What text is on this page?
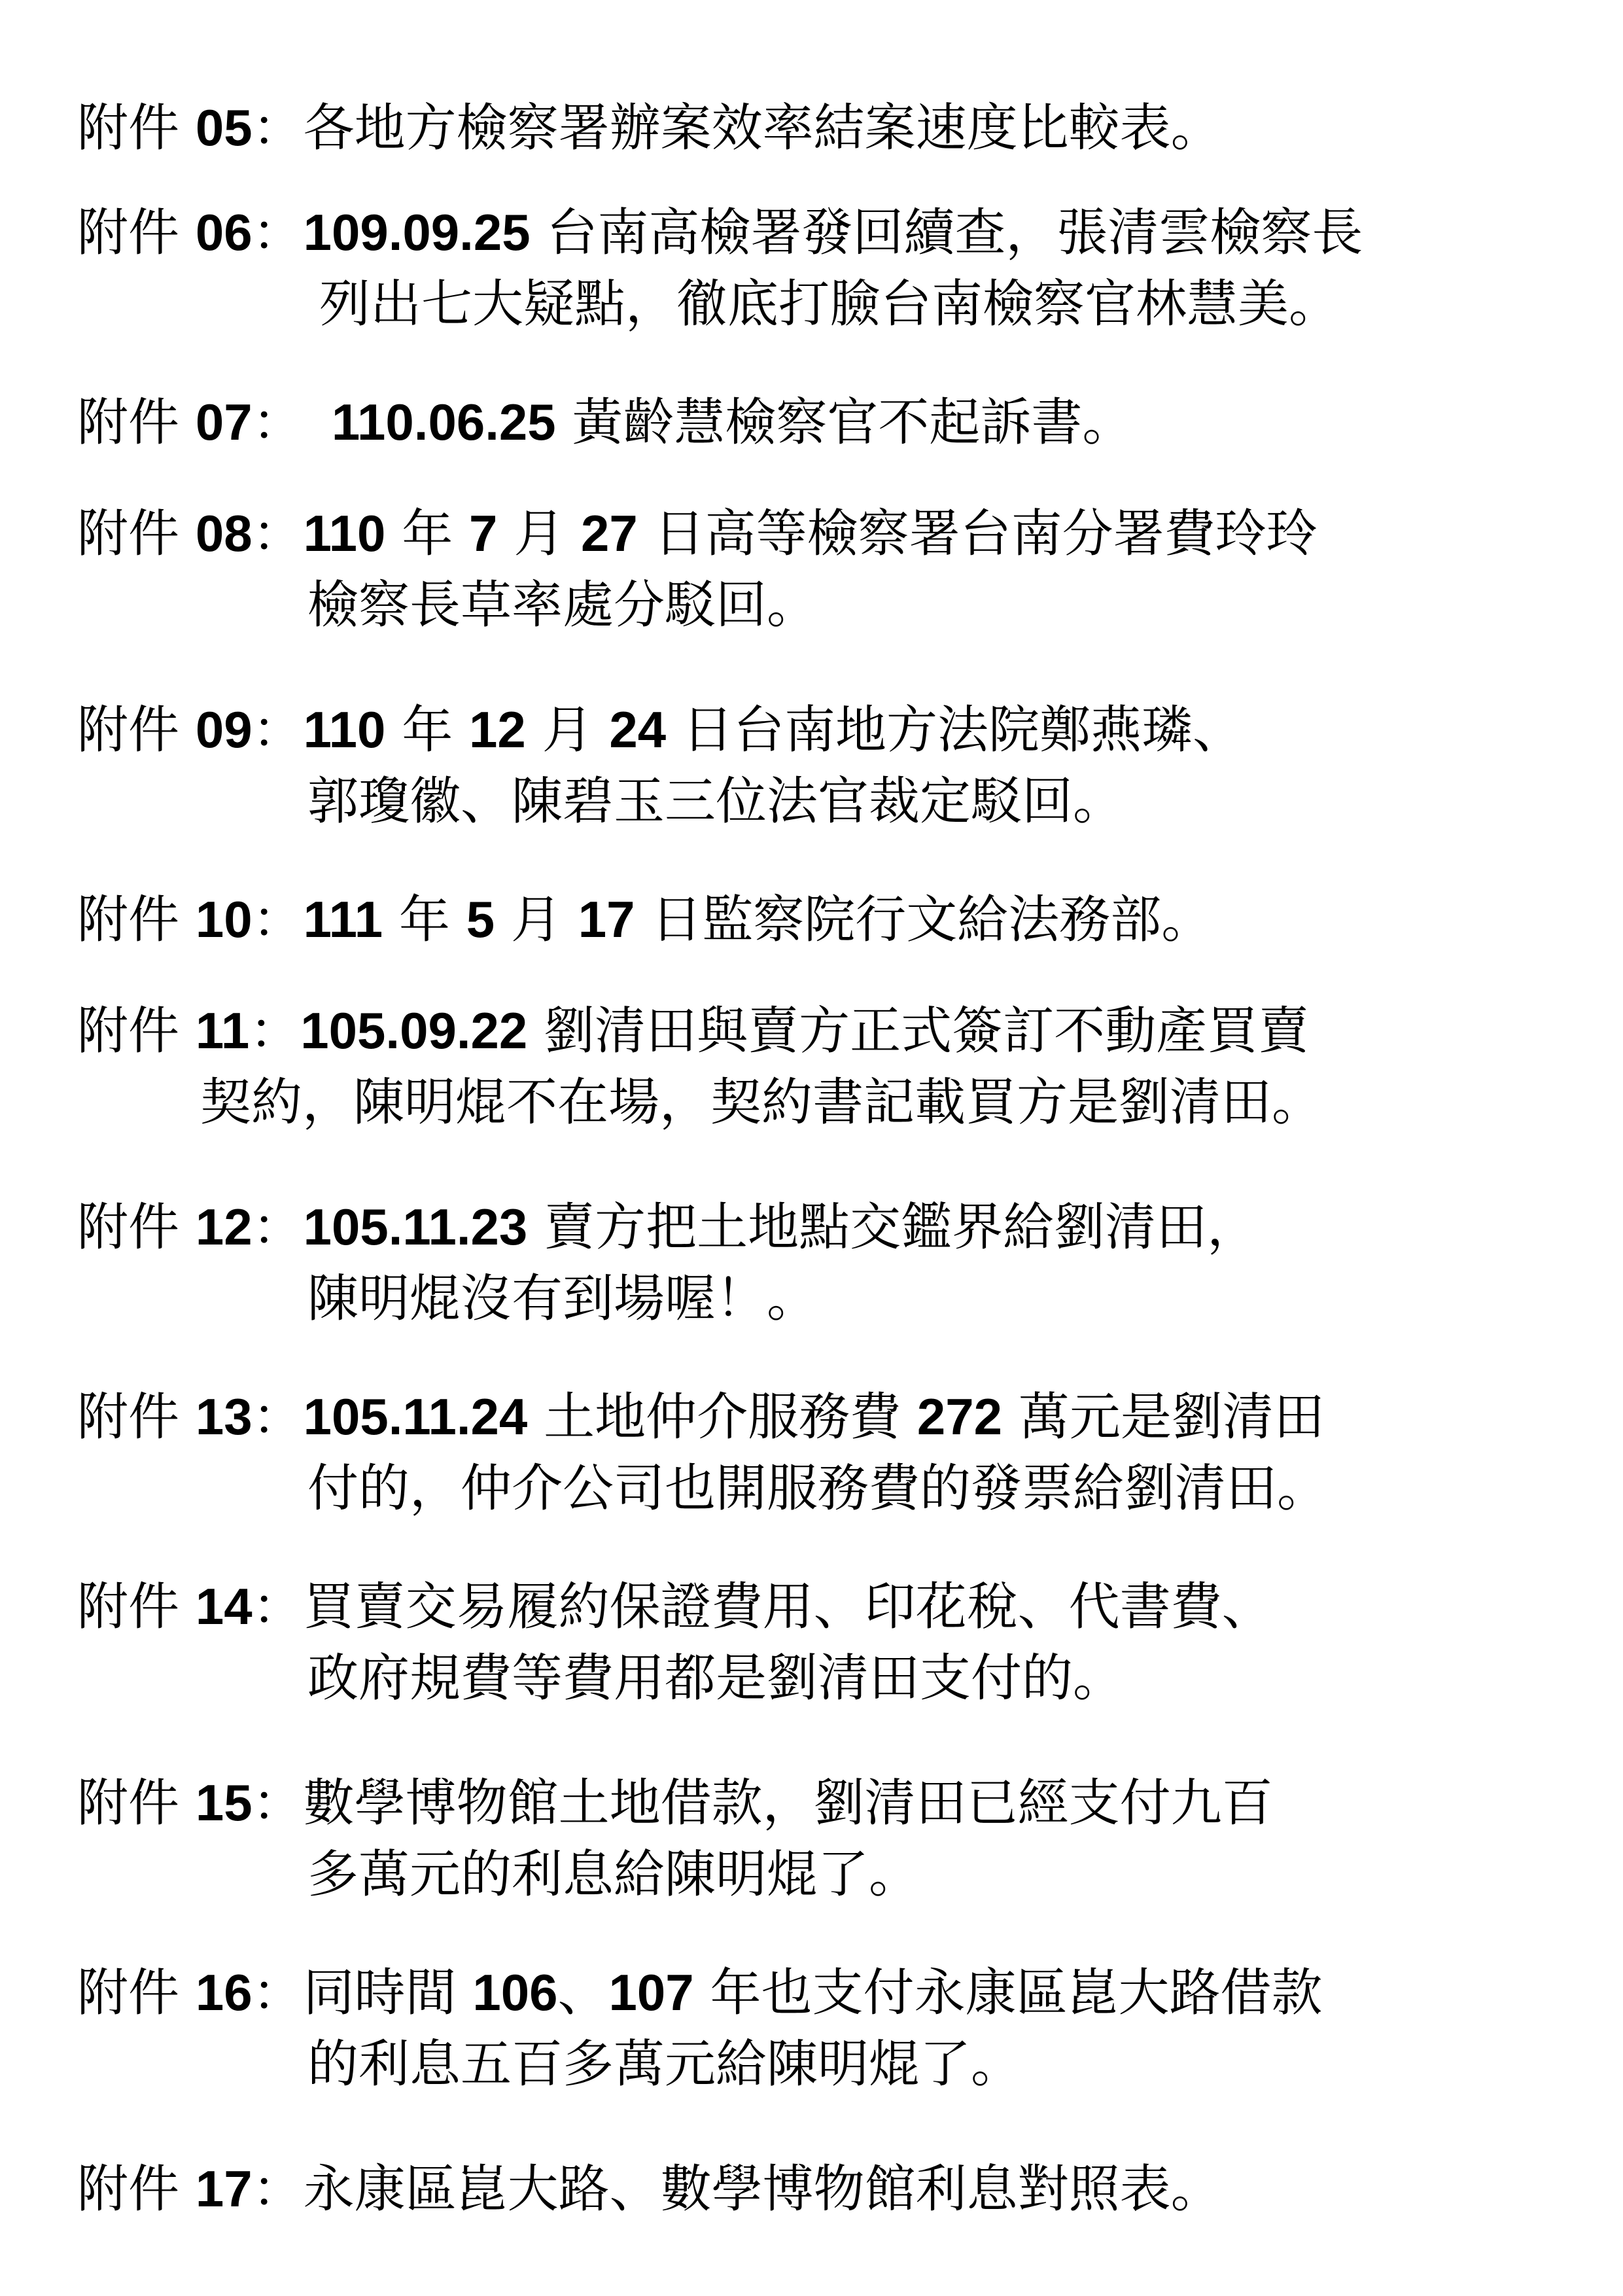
附件 05：各地方檢察署辦案效率結案速度比較表。
附件 06：109.09.25 台南高檢署發回續查，張清雲檢察長
列出七大疑點，徹底打臉台南檢察官林慧美。
附件 07：  110.06.25 黃齡慧檢察官不起訴書。
附件 08：110 年 7 月 27 日高等檢察署台南分署費玲玲
檢察長草率處分駁回。
附件 09：110 年 12 月 24 日台南地方法院鄭燕璘、
郭瓊徽、陳碧玉三位法官裁定駁回。
附件 10：111 年 5 月 17 日監察院行文給法務部。
附件 11：105.09.22 劉清田與賣方正式簽訂不動產買賣
契約，陳明焜不在場，契約書記載買方是劉清田。
附件 12：105.11.23 賣方把土地點交鑑界給劉清田，
陳明焜沒有到場喔！。
附件 13：105.11.24 土地仲介服務費 272 萬元是劉清田
付的，仲介公司也開服務費的發票給劉清田。
附件 14：買賣交易履約保證費用、印花稅、代書費、
政府規費等費用都是劉清田支付的。
附件 15：數學博物館土地借款，劉清田已經支付九百
多萬元的利息給陳明焜了。
附件 16：同時間 106、107 年也支付永康區崑大路借款
的利息五百多萬元給陳明焜了。
附件 17：永康區崑大路、數學博物館利息對照表。
